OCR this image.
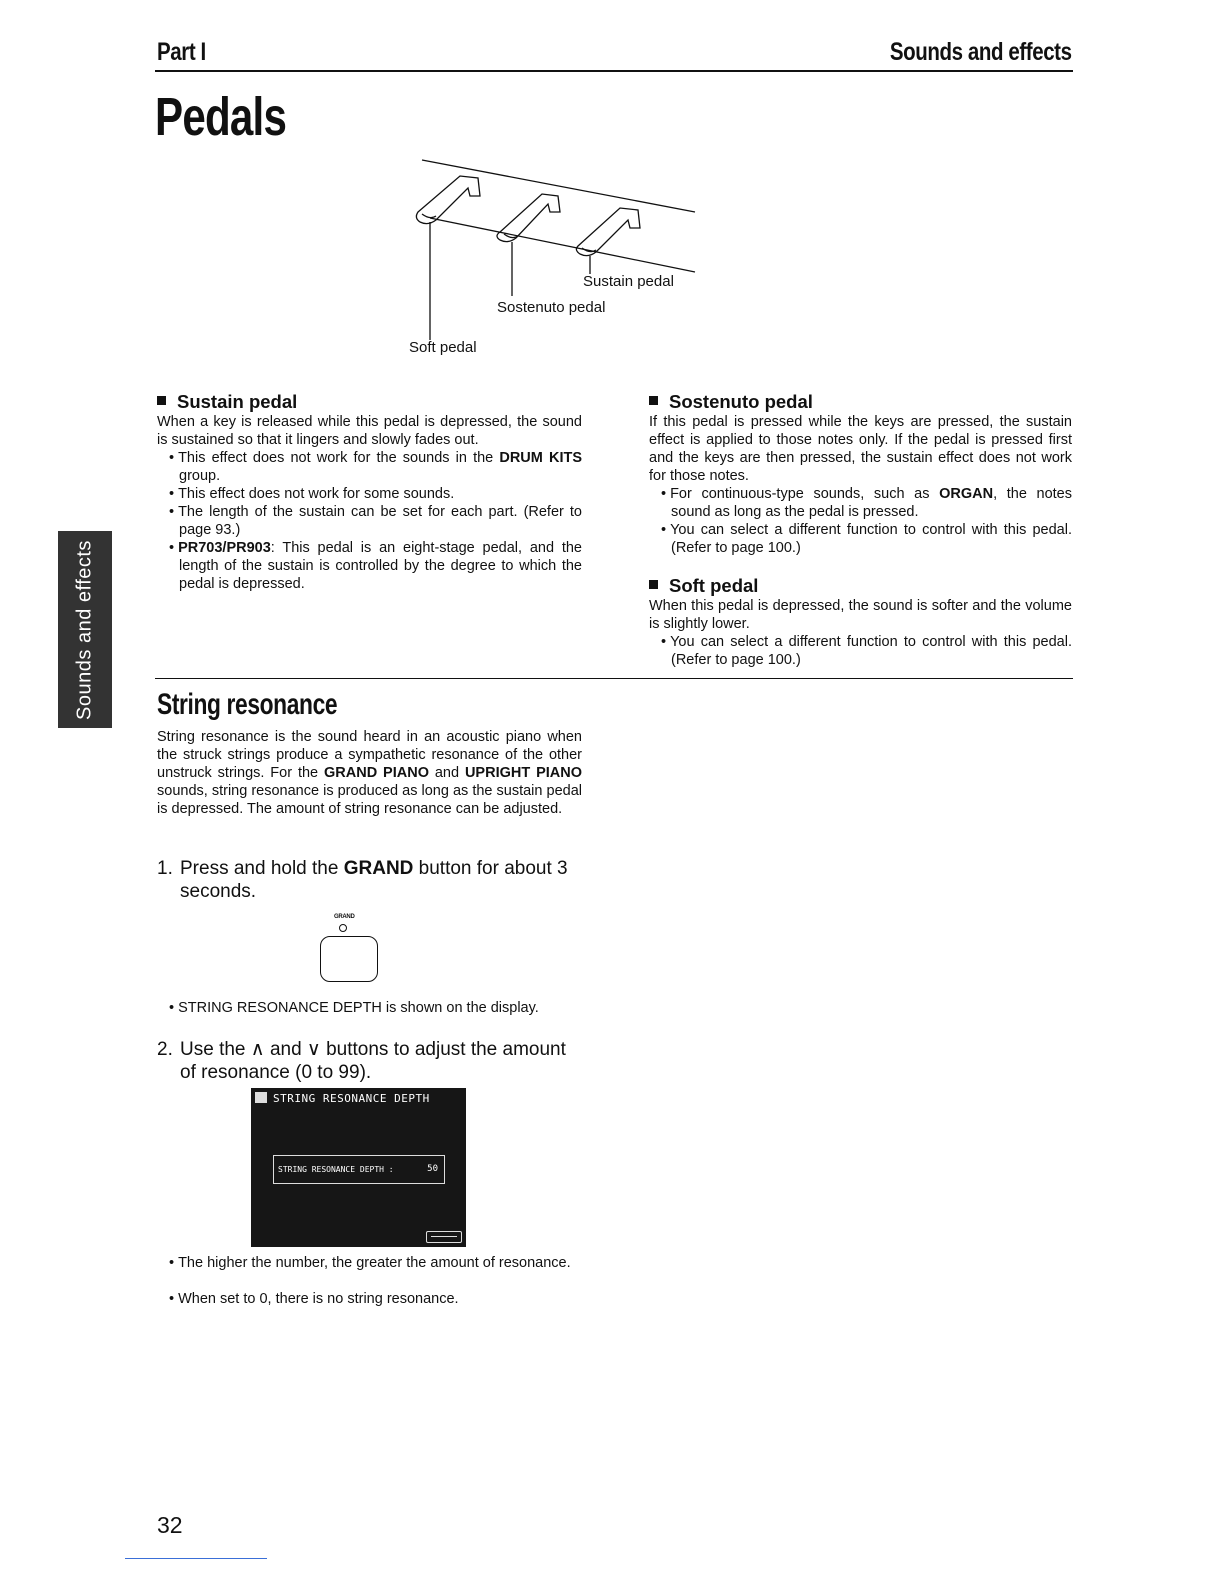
Part I	Sounds and effects
Pedals
Sounds and effects
Sustain pedal
Sostenuto pedal
Soft pedal
Sustain pedal
When a key is released while this pedal is depressed, the sound is sustained so that it lingers and slowly fades out.
• This effect does not work for the sounds in the DRUM KITS group.
• This effect does not work for some sounds.
• The length of the sustain can be set for each part. (Refer to page 93.)
• PR703/PR903: This pedal is an eight-stage pedal, and the length of the sustain is controlled by the degree to which the pedal is depressed.
Sostenuto pedal
If this pedal is pressed while the keys are pressed, the sustain effect is applied to those notes only. If the pedal is pressed first and the keys are then pressed, the sustain effect does not work for those notes.
• For continuous-type sounds, such as ORGAN, the notes sound as long as the pedal is pressed.
• You can select a different function to control with this pedal. (Refer to page 100.)
Soft pedal
When this pedal is depressed, the sound is softer and the volume is slightly lower.
• You can select a different function to control with this pedal. (Refer to page 100.)
String resonance
String resonance is the sound heard in an acoustic piano when the struck strings produce a sympathetic resonance of the other unstruck strings. For the GRAND PIANO and UPRIGHT PIANO sounds, string resonance is produced as long as the sustain pedal is depressed. The amount of string resonance can be adjusted.
1. Press and hold the GRAND button for about 3 seconds.
GRAND
• STRING RESONANCE DEPTH is shown on the display.
2. Use the ∧ and ∨ buttons to adjust the amount of resonance (0 to 99).
STRING RESONANCE DEPTH
STRING RESONANCE DEPTH :	50
• The higher the number, the greater the amount of resonance.
• When set to 0, there is no string resonance.
32
